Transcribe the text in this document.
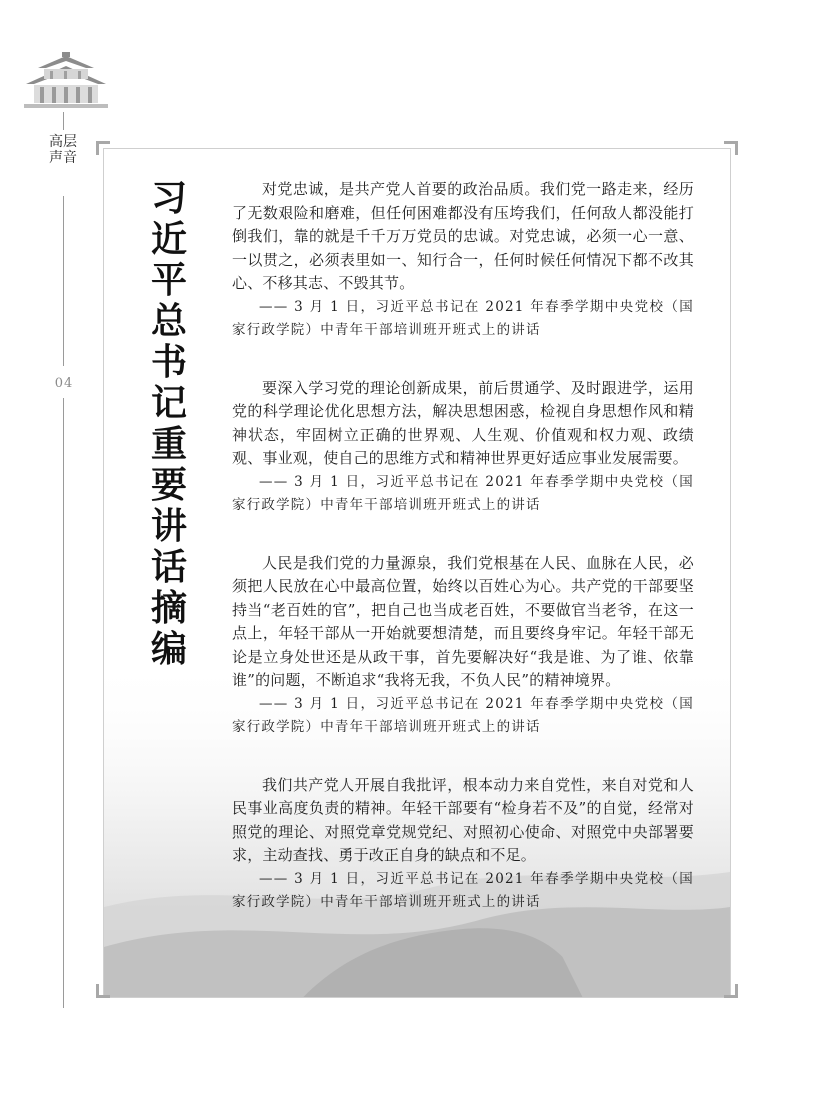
高层声音
04
习近平总书记重要讲话摘编

对党忠诚，是共产党人首要的政治品质。我们党一路走来，经历了无数艰险和磨难，但任何困难都没有压垮我们，任何敌人都没能打倒我们，靠的就是千千万万党员的忠诚。对党忠诚，必须一心一意、一以贯之，必须表里如一、知行合一，任何时候任何情况下都不改其心、不移其志、不毁其节。

—— 3 月 1 日，习近平总书记在 2021 年春季学期中央党校（国家行政学院）中青年干部培训班开班式上的讲话

要深入学习党的理论创新成果，前后贯通学、及时跟进学，运用党的科学理论优化思想方法，解决思想困惑，检视自身思想作风和精神状态，牢固树立正确的世界观、人生观、价值观和权力观、政绩观、事业观，使自己的思维方式和精神世界更好适应事业发展需要。

—— 3 月 1 日，习近平总书记在 2021 年春季学期中央党校（国家行政学院）中青年干部培训班开班式上的讲话

人民是我们党的力量源泉，我们党根基在人民、血脉在人民，必须把人民放在心中最高位置，始终以百姓心为心。共产党的干部要坚持当“老百姓的官”，把自己也当成老百姓，不要做官当老爷，在这一点上，年轻干部从一开始就要想清楚，而且要终身牢记。年轻干部无论是立身处世还是从政干事，首先要解决好“我是谁、为了谁、依靠谁”的问题，不断追求“我将无我，不负人民”的精神境界。

—— 3 月 1 日，习近平总书记在 2021 年春季学期中央党校（国家行政学院）中青年干部培训班开班式上的讲话

我们共产党人开展自我批评，根本动力来自党性，来自对党和人民事业高度负责的精神。年轻干部要有“检身若不及”的自觉，经常对照党的理论、对照党章党规党纪、对照初心使命、对照党中央部署要求，主动查找、勇于改正自身的缺点和不足。

—— 3 月 1 日，习近平总书记在 2021 年春季学期中央党校（国家行政学院）中青年干部培训班开班式上的讲话
